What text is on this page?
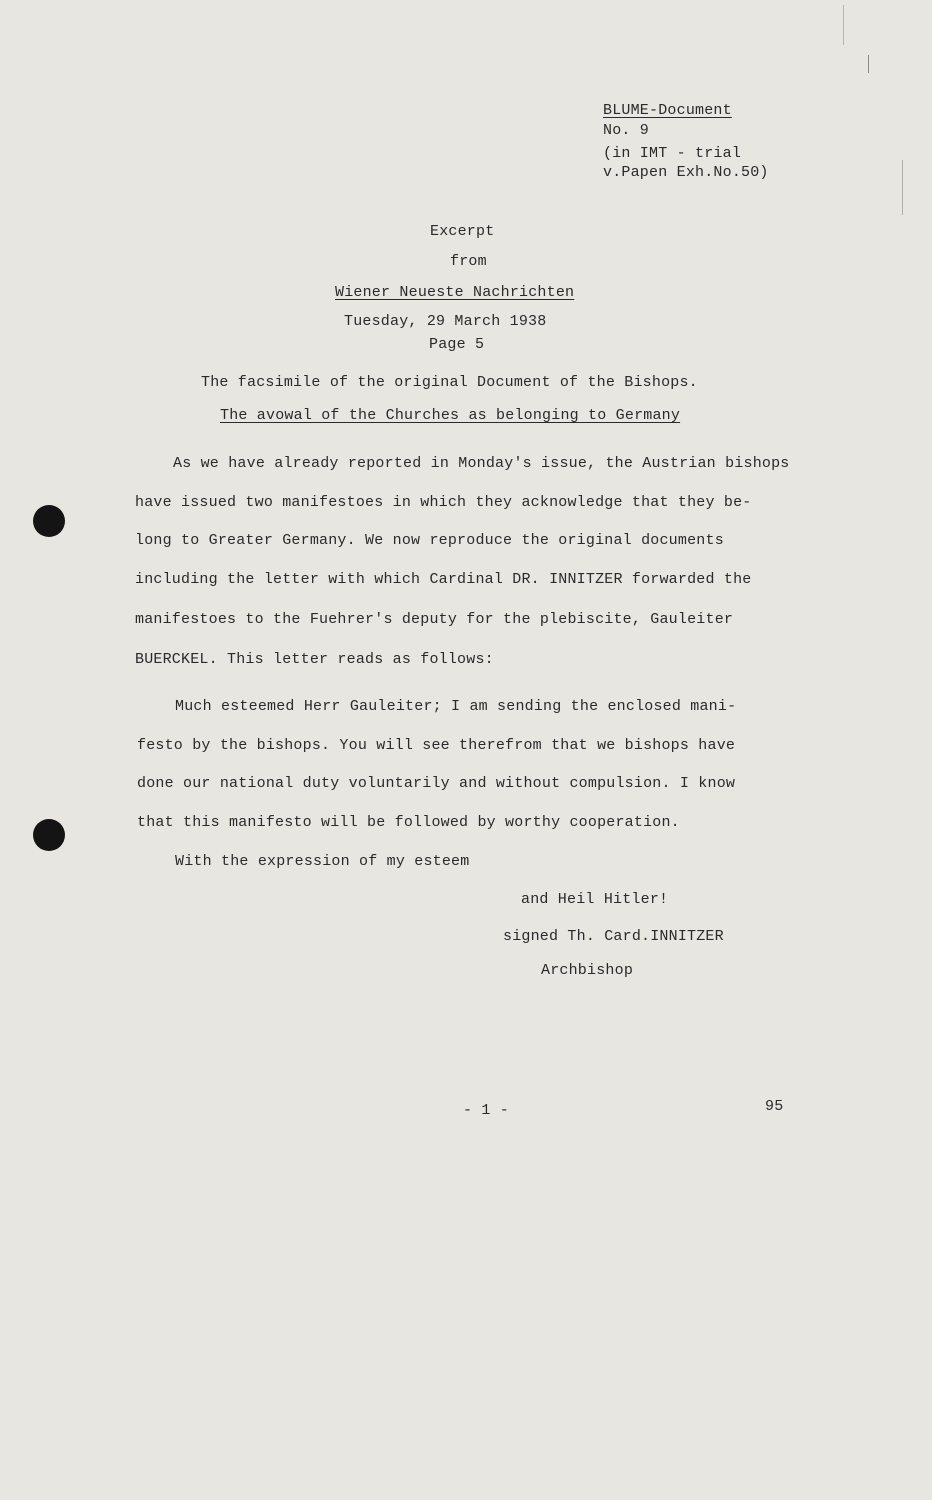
BLUME-Document
No. 9
(in IMT - trial
v.Papen Exh.No.50)
Excerpt
from
Wiener Neueste Nachrichten
Tuesday, 29 March 1938
Page 5
The facsimile of the original Document of the Bishops.
The avowal of the Churches as belonging to Germany
As we have already reported in Monday's issue, the Austrian bishops
have issued two manifestoes in which they acknowledge that they be-
long to Greater Germany. We now reproduce the original documents
including the letter with which Cardinal DR. INNITZER forwarded the
manifestoes to the Fuehrer's deputy for the plebiscite, Gauleiter
BUERCKEL. This letter reads as follows:
Much esteemed Herr Gauleiter; I am sending the enclosed mani-
festo by the bishops. You will see therefrom that we bishops have
done our national duty voluntarily and without compulsion. I know
that this manifesto will be followed by worthy cooperation.
With the expression of my esteem
and Heil Hitler!
signed Th. Card.INNITZER
Archbishop
- 1 -	95
